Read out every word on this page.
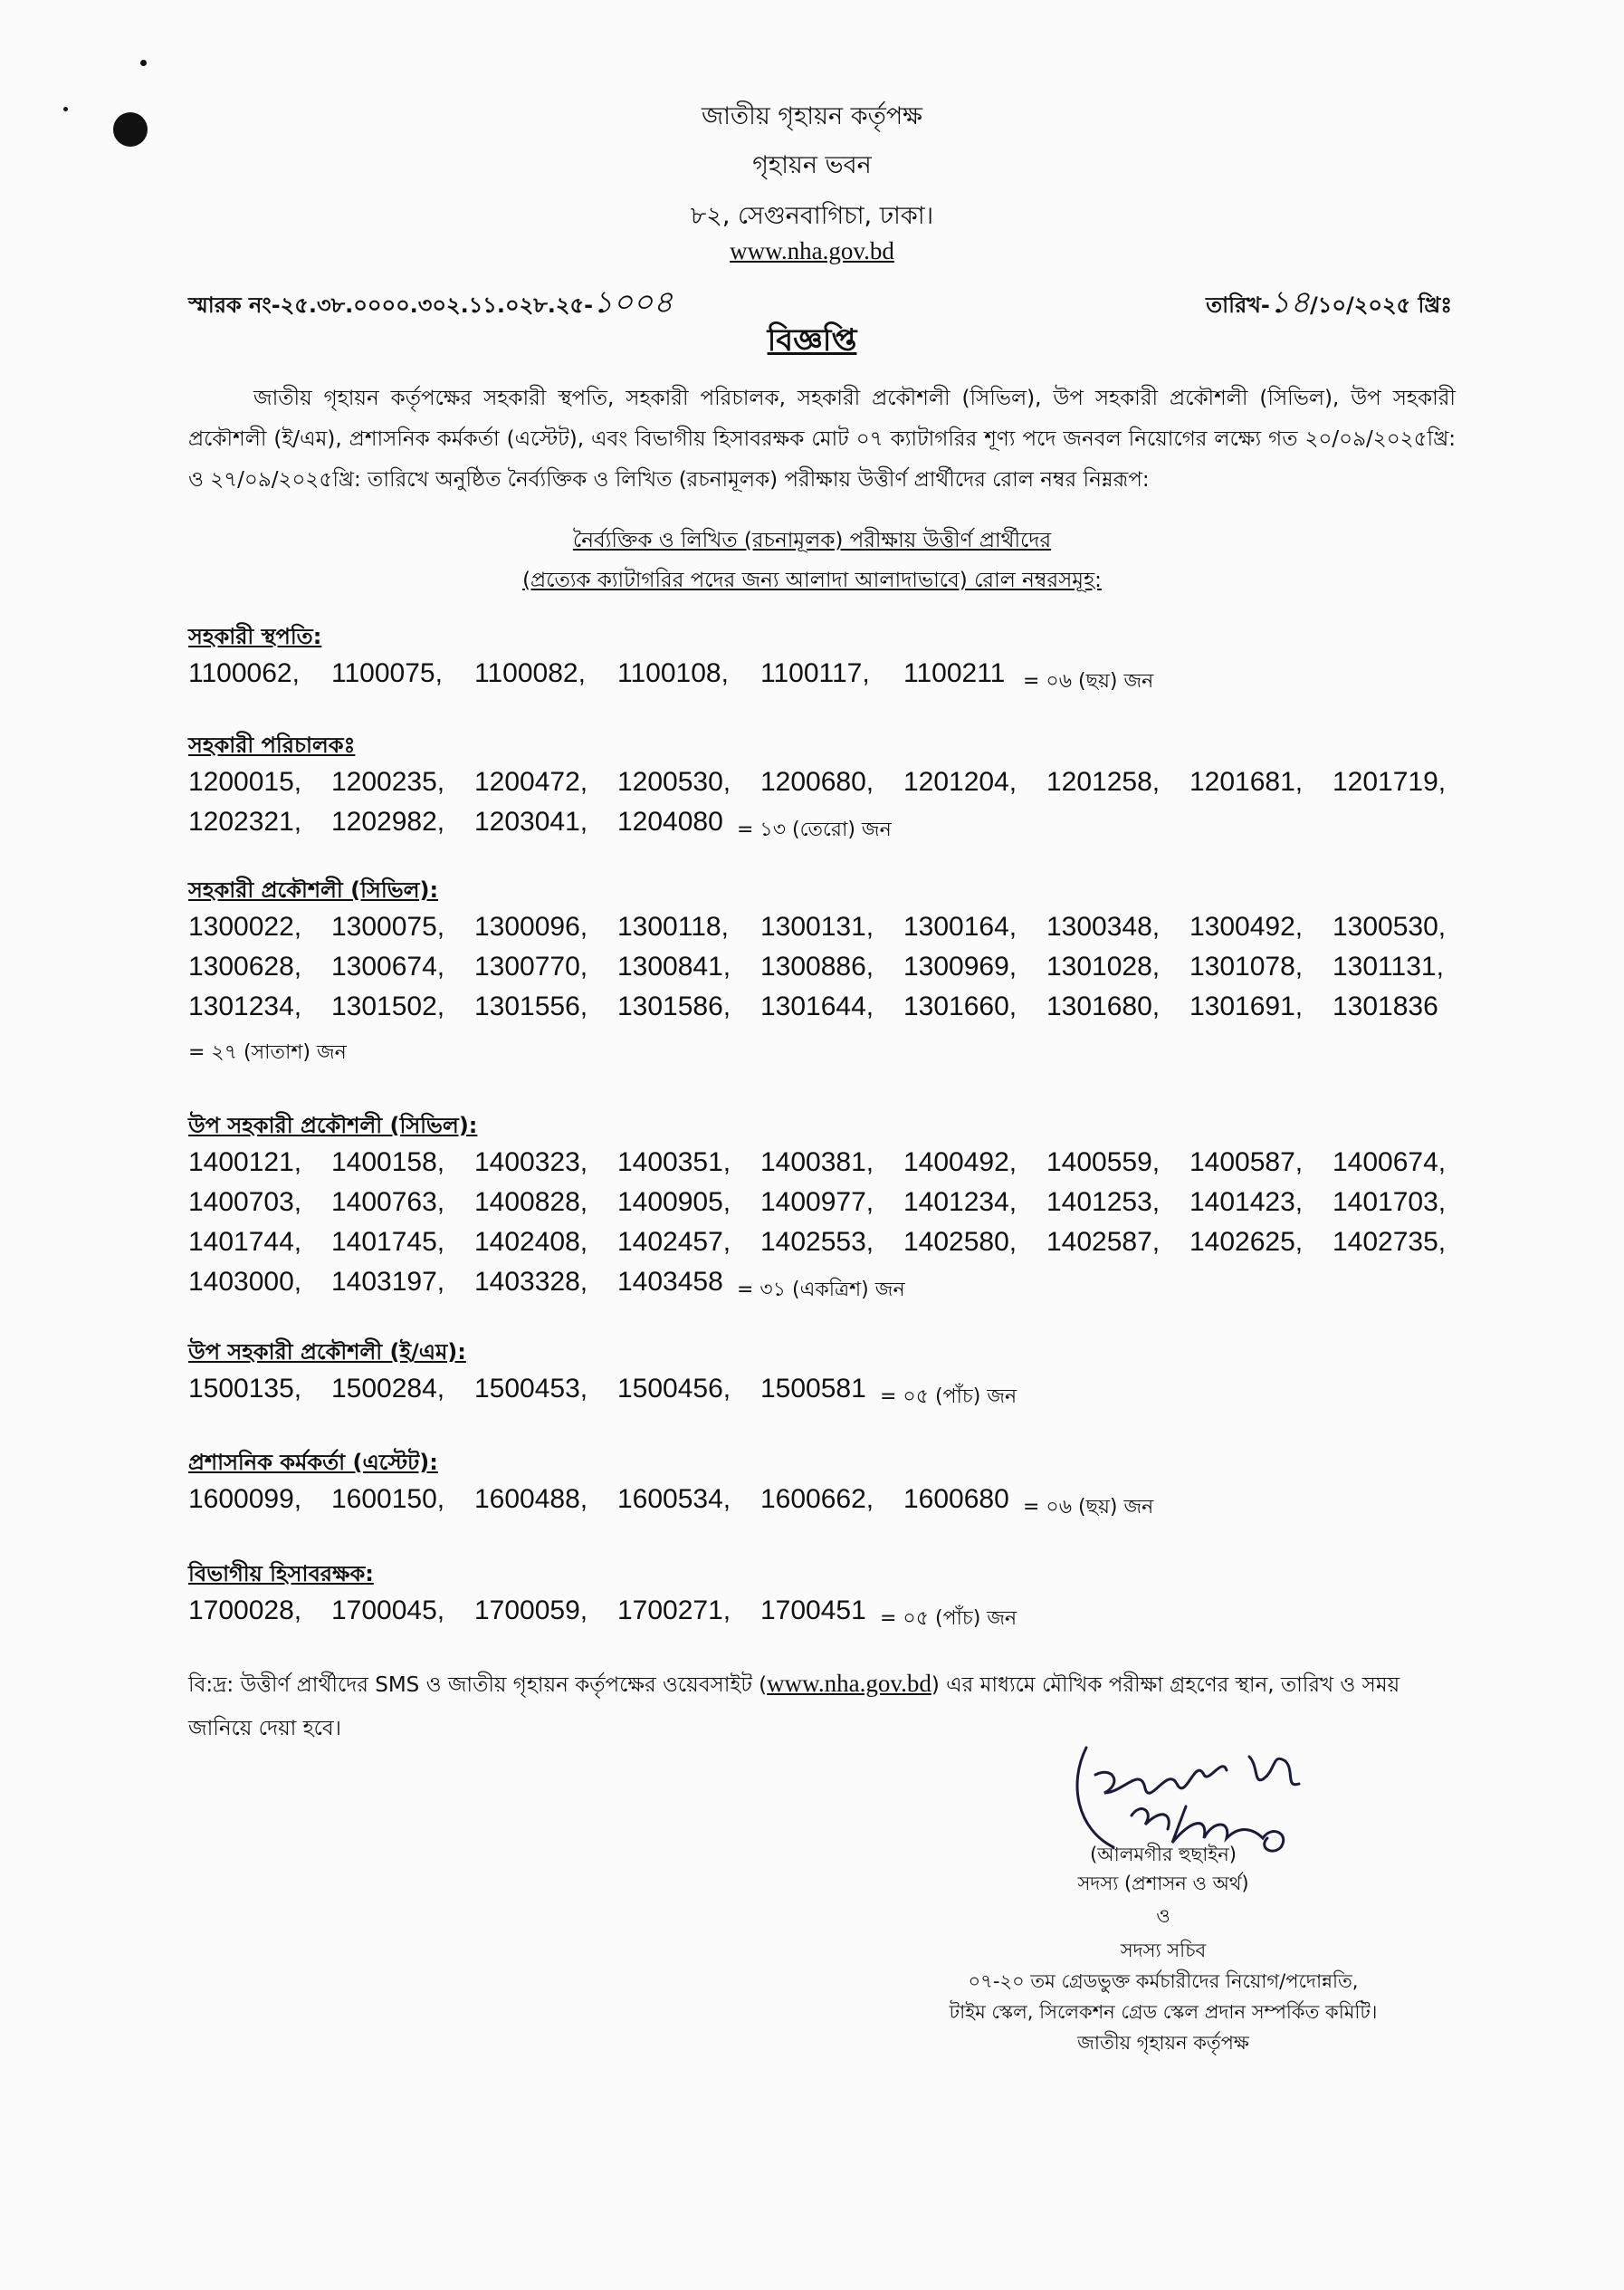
জাতীয় গৃহায়ন কর্তৃপক্ষ
গৃহায়ন ভবন
৮২, সেগুনবাগিচা, ঢাকা।
www.nha.gov.bd
স্মারক নং-২৫.৩৮.০০০০.৩০২.১১.০২৮.২৫-১০০৪	তারিখ-১৪/১০/২০২৫ খ্রিঃ
বিজ্ঞপ্তি

জাতীয় গৃহায়ন কর্তৃপক্ষের সহকারী স্থপতি, সহকারী পরিচালক, সহকারী প্রকৌশলী (সিভিল), উপ সহকারী প্রকৌশলী (সিভিল), উপ সহকারী প্রকৌশলী (ই/এম), প্রশাসনিক কর্মকর্তা (এস্টেট), এবং বিভাগীয় হিসাবরক্ষক মোট ০৭ ক্যাটাগরির শূণ্য পদে জনবল নিয়োগের লক্ষ্যে গত ২০/০৯/২০২৫খ্রি: ও ২৭/০৯/২০২৫খ্রি: তারিখে অনুষ্ঠিত নৈর্ব্যক্তিক ও লিখিত (রচনামূলক) পরীক্ষায় উত্তীর্ণ প্রার্থীদের রোল নম্বর নিম্নরূপ:

নৈর্ব্যক্তিক ও লিখিত (রচনামূলক) পরীক্ষায় উত্তীর্ণ প্রার্থীদের
(প্রত্যেক ক্যাটাগরির পদের জন্য আলাদা আলাদাভাবে) রোল নম্বরসমূহ:
সহকারী স্থপতি:
1100062, 1100075, 1100082, 1100108, 1100117, 1100211 = ০৬ (ছয়) জন
সহকারী পরিচালকঃ
1200015, 1200235, 1200472, 1200530, 1200680, 1201204, 1201258, 1201681, 1201719,
1202321, 1202982, 1203041, 1204080 = ১৩ (তেরো) জন
সহকারী প্রকৌশলী (সিভিল):
1300022, 1300075, 1300096, 1300118, 1300131, 1300164, 1300348, 1300492, 1300530,
1300628, 1300674, 1300770, 1300841, 1300886, 1300969, 1301028, 1301078, 1301131,
1301234, 1301502, 1301556, 1301586, 1301644, 1301660, 1301680, 1301691, 1301836
= ২৭ (সাতাশ) জন
উপ সহকারী প্রকৌশলী (সিভিল):
1400121, 1400158, 1400323, 1400351, 1400381, 1400492, 1400559, 1400587, 1400674,
1400703, 1400763, 1400828, 1400905, 1400977, 1401234, 1401253, 1401423, 1401703,
1401744, 1401745, 1402408, 1402457, 1402553, 1402580, 1402587, 1402625, 1402735,
1403000, 1403197, 1403328, 1403458 = ৩১ (একত্রিশ) জন
উপ সহকারী প্রকৌশলী (ই/এম):
1500135, 1500284, 1500453, 1500456, 1500581 = ০৫ (পাঁচ) জন
প্রশাসনিক কর্মকর্তা (এস্টেট):
1600099, 1600150, 1600488, 1600534, 1600662, 1600680 = ০৬ (ছয়) জন
বিভাগীয় হিসাবরক্ষক:
1700028, 1700045, 1700059, 1700271, 1700451 = ০৫ (পাঁচ) জন

বি:দ্র: উত্তীর্ণ প্রার্থীদের SMS ও জাতীয় গৃহায়ন কর্তৃপক্ষের ওয়েবসাইট (www.nha.gov.bd) এর মাধ্যমে মৌখিক পরীক্ষা গ্রহণের স্থান, তারিখ ও সময় জানিয়ে দেয়া হবে।

(আলমগীর হুছাইন)
সদস্য (প্রশাসন ও অর্থ)
ও
সদস্য সচিব
০৭-২০ তম গ্রেডভুক্ত কর্মচারীদের নিয়োগ/পদোন্নতি,
টাইম স্কেল, সিলেকশন গ্রেড স্কেল প্রদান সম্পর্কিত কমিটি।
জাতীয় গৃহায়ন কর্তৃপক্ষ
